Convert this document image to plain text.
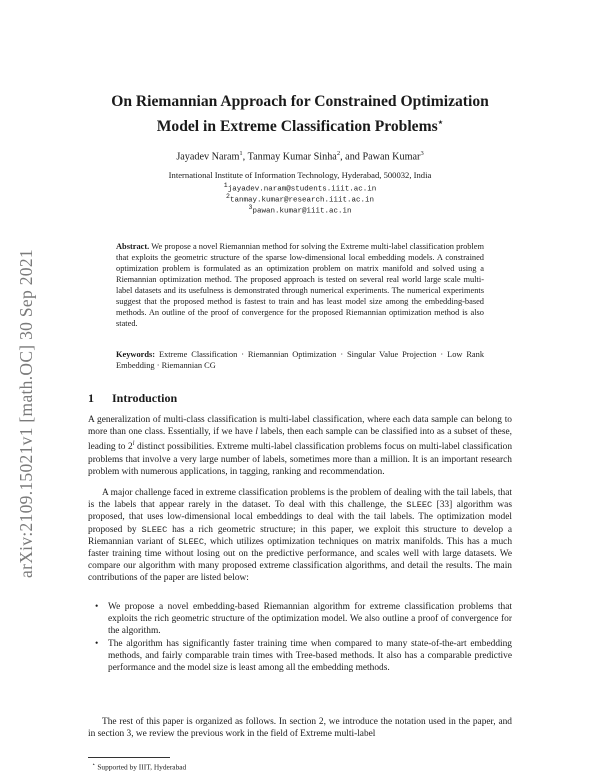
arXiv:2109.15021v1 [math.OC] 30 Sep 2021
On Riemannian Approach for Constrained Optimization
Model in Extreme Classification Problems⋆
Jayadev Naram$^1$, Tanmay Kumar Sinha$^2$, and Pawan Kumar$^3$
International Institute of Information Technology, Hyderabad, 500032, India
$^1$jayadev.naram@students.iiit.ac.in
$^2$tanmay.kumar@research.iiit.ac.in
$^3$pawan.kumar@iiit.ac.in
Abstract. We propose a novel Riemannian method for solving the Extreme multi-label classification problem that exploits the geometric structure of the sparse low-dimensional local embedding models. A constrained optimization problem is formulated as an optimization problem on matrix manifold and solved using a Riemannian optimization method. The proposed approach is tested on several real world large scale multi-label datasets and its usefulness is demonstrated through numerical experiments. The numerical experiments suggest that the proposed method is fastest to train and has least model size among the embedding-based methods. An outline of the proof of convergence for the proposed Riemannian optimization method is also stated.
Keywords: Extreme Classification · Riemannian Optimization · Singular Value Projection · Low Rank Embedding · Riemannian CG
1 Introduction
A generalization of multi-class classification is multi-label classification, where each data sample can belong to more than one class. Essentially, if we have l labels, then each sample can be classified into as a subset of these, leading to 2$^l$ distinct possibilities. Extreme multi-label classification problems focus on multi-label classification problems that involve a very large number of labels, sometimes more than a million. It is an important research problem with numerous applications, in tagging, ranking and recommendation.
A major challenge faced in extreme classification problems is the problem of dealing with the tail labels, that is the labels that appear rarely in the dataset. To deal with this challenge, the SLEEC [33] algorithm was proposed, that uses low-dimensional local embeddings to deal with the tail labels. The optimization model proposed by SLEEC has a rich geometric structure; in this paper, we exploit this structure to develop a Riemannian variant of SLEEC, which utilizes optimization techniques on matrix manifolds. This has a much faster training time without losing out on the predictive performance, and scales well with large datasets. We compare our algorithm with many proposed extreme classification algorithms, and detail the results. The main contributions of the paper are listed below:
• We propose a novel embedding-based Riemannian algorithm for extreme classification problems that exploits the rich geometric structure of the optimization model. We also outline a proof of convergence for the algorithm.
• The algorithm has significantly faster training time when compared to many state-of-the-art embedding methods, and fairly comparable train times with Tree-based methods. It also has a comparable predictive performance and the model size is least among all the embedding methods.
The rest of this paper is organized as follows. In section 2, we introduce the notation used in the paper, and in section 3, we review the previous work in the field of Extreme multi-label
⋆ Supported by IIIT, Hyderabad
